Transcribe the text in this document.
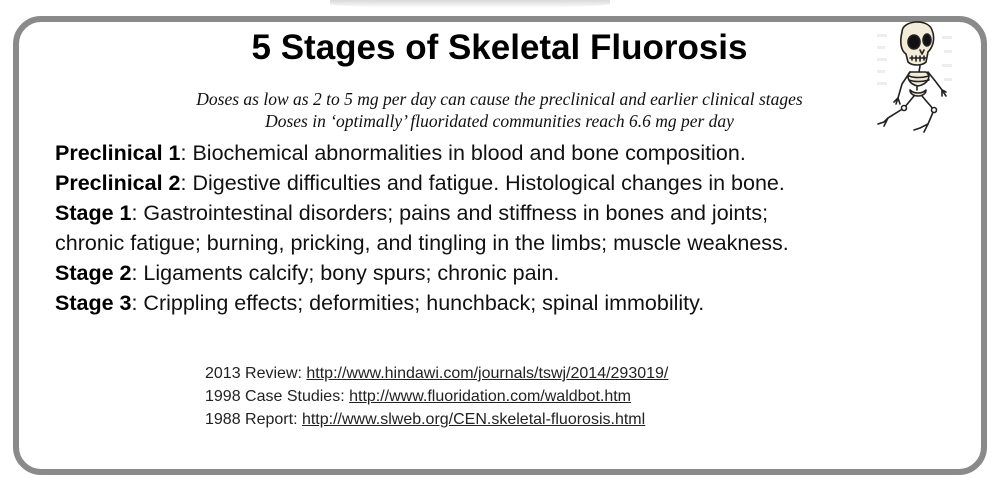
5 Stages of Skeletal Fluorosis
Doses as low as 2 to 5 mg per day can cause the preclinical and earlier clinical stages
Doses in ‘optimally’ fluoridated communities reach 6.6 mg per day
Preclinical 1: Biochemical abnormalities in blood and bone composition.
Preclinical 2: Digestive difficulties and fatigue. Histological changes in bone.
Stage 1: Gastrointestinal disorders; pains and stiffness in bones and joints;
chronic fatigue; burning, pricking, and tingling in the limbs; muscle weakness.
Stage 2: Ligaments calcify; bony spurs; chronic pain.
Stage 3: Crippling effects; deformities; hunchback; spinal immobility.
2013 Review: http://www.hindawi.com/journals/tswj/2014/293019/
1998 Case Studies: http://www.fluoridation.com/waldbot.htm
1988 Report: http://www.slweb.org/CEN.skeletal-fluorosis.html
